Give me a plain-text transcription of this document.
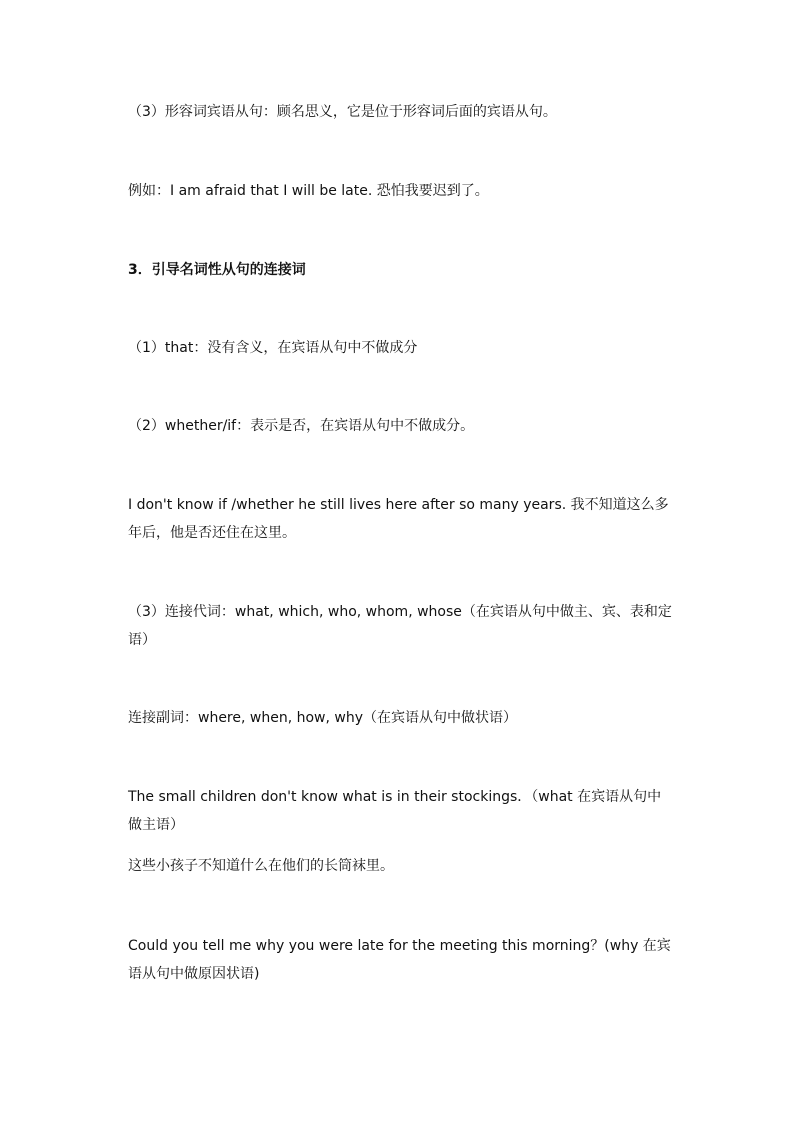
（3）形容词宾语从句：顾名思义，它是位于形容词后面的宾语从句。

例如：I am afraid that I will be late. 恐怕我要迟到了。

3．引导名词性从句的连接词

（1）that：没有含义，在宾语从句中不做成分

（2）whether/if：表示是否，在宾语从句中不做成分。

I don't know if /whether he still lives here after so many years. 我不知道这么多年后，他是否还住在这里。

（3）连接代词：what, which, who, whom, whose（在宾语从句中做主、宾、表和定语）

连接副词：where, when, how, why（在宾语从句中做状语）

The small children don't know what is in their stockings．（what 在宾语从句中做主语）

这些小孩子不知道什么在他们的长筒袜里。

Could you tell me why you were late for the meeting this morning？(why 在宾语从句中做原因状语)
